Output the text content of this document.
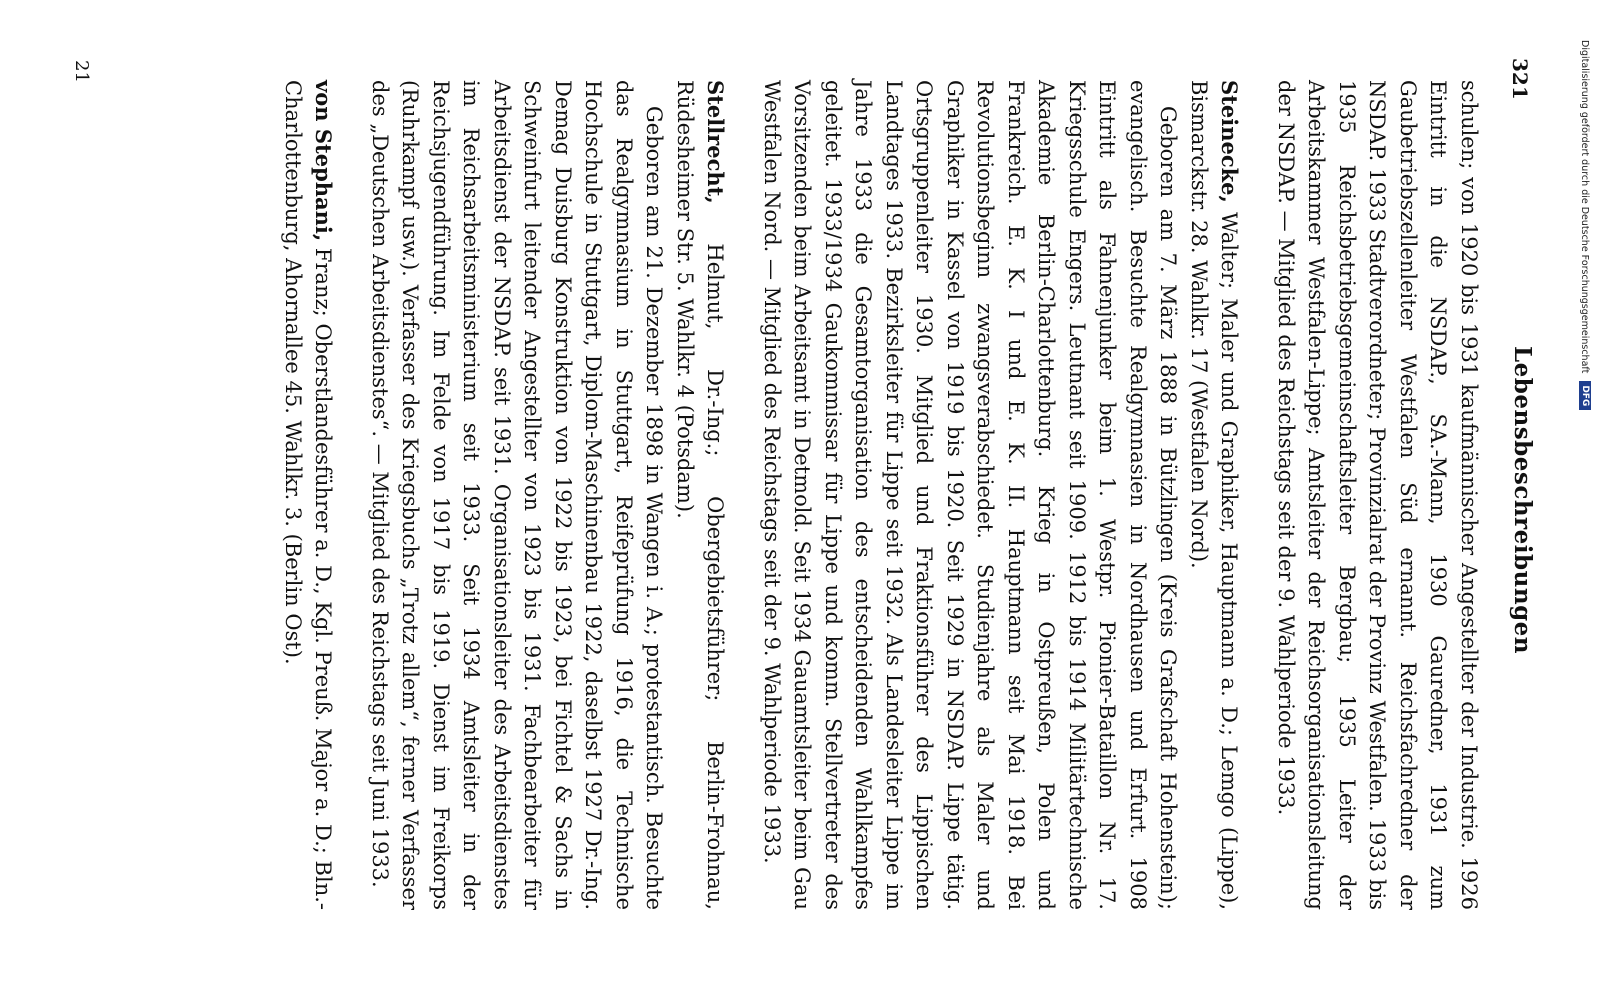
Digitalisierung gefördert durch die Deutsche Forschungsgemeinschaft
DFG
321
Lebensbeschreibungen

schulen; von 1920 bis 1931 kaufmännischer Angestellter der Industrie. 1926 Eintritt in die NSDAP., SA.-Mann, 1930 Gauredner, 1931 zum Gaubetriebszellenleiter Westfalen Süd ernannt. Reichsfachredner der NSDAP. 1933 Stadtverordneter; Provinzialrat der Provinz Westfalen. 1933 bis 1935 Reichsbetriebsgemeinschaftsleiter Bergbau; 1935 Leiter der Arbeitskammer Westfalen-Lippe; Amtsleiter der Reichsorganisationsleitung der NSDAP. — Mitglied des Reichstags seit der 9. Wahlperiode 1933.

Steinecke, Walter; Maler und Graphiker, Hauptmann a. D.; Lemgo (Lippe), Bismarckstr. 28. Wahlkr. 17 (Westfalen Nord).

Geboren am 7. März 1888 in Bützlingen (Kreis Grafschaft Hohenstein); evangelisch. Besuchte Realgymnasien in Nordhausen und Erfurt. 1908 Eintritt als Fahnenjunker beim 1. Westpr. Pionier-Bataillon Nr. 17. Kriegsschule Engers. Leutnant seit 1909. 1912 bis 1914 Militärtechnische Akademie Berlin-Charlottenburg. Krieg in Ostpreußen, Polen und Frankreich. E. K. I und E. K. II. Hauptmann seit Mai 1918. Bei Revolutionsbeginn zwangsverabschiedet. Studienjahre als Maler und Graphiker in Kassel von 1919 bis 1920. Seit 1929 in NSDAP. Lippe tätig. Ortsgruppenleiter 1930. Mitglied und Fraktionsführer des Lippischen Landtages 1933. Bezirksleiter für Lippe seit 1932. Als Landesleiter Lippe im Jahre 1933 die Gesamtorganisation des entscheidenden Wahlkampfes geleitet. 1933/1934 Gaukommissar für Lippe und komm. Stellvertreter des Vorsitzenden beim Arbeitsamt in Detmold. Seit 1934 Gauamtsleiter beim Gau Westfalen Nord. — Mitglied des Reichstags seit der 9. Wahlperiode 1933.

Stellrecht, Helmut, Dr.-Ing.; Obergebietsführer; Berlin-Frohnau, Rüdesheimer Str. 5. Wahlkr. 4 (Potsdam).

Geboren am 21. Dezember 1898 in Wangen i. A.; protestantisch. Besuchte das Realgymnasium in Stuttgart, Reifeprüfung 1916, die Technische Hochschule in Stuttgart, Diplom-Maschinenbau 1922, daselbst 1927 Dr.-Ing. Demag Duisburg Konstruktion von 1922 bis 1923, bei Fichtel & Sachs in Schweinfurt leitender Angestellter von 1923 bis 1931. Fachbearbeiter für Arbeitsdienst der NSDAP. seit 1931. Organisationsleiter des Arbeitsdienstes im Reichsarbeitsministerium seit 1933. Seit 1934 Amtsleiter in der Reichsjugendführung. Im Felde von 1917 bis 1919. Dienst im Freikorps (Ruhrkampf usw.). Verfasser des Kriegsbuchs „Trotz allem“, ferner Verfasser des „Deutschen Arbeitsdienstes“. — Mitglied des Reichstags seit Juni 1933.

von Stephani, Franz; Oberstlandesführer a. D., Kgl. Preuß. Major a. D.; Bln.-Charlottenburg, Ahornallee 45. Wahlkr. 3. (Berlin Ost).

21
